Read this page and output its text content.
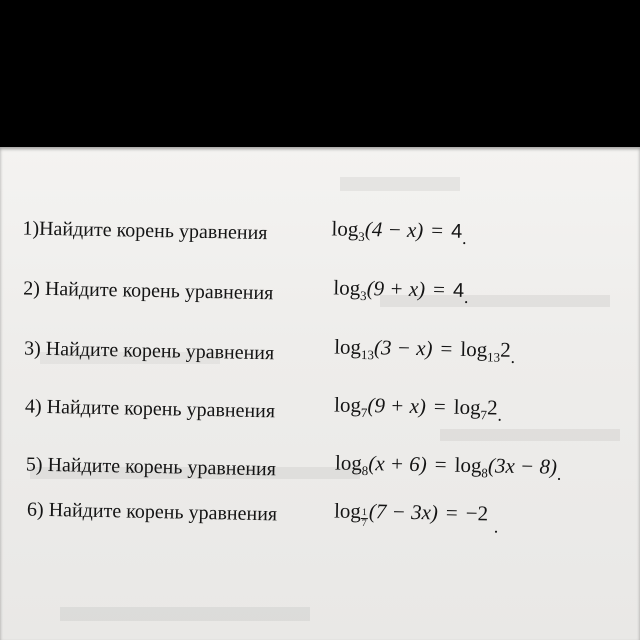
1)Найдите корень уравнения	$\log_3(4 - x) = 4$.
2) Найдите корень уравнения	$\log_3(9 + x) = 4$.
3) Найдите корень уравнения	$\log_{13}(3 - x) = \log_{13}2$.
4) Найдите корень уравнения	$\log_7(9 + x) = \log_72$.
5) Найдите корень уравнения	$\log_8(x + 6) = \log_8(3x - 8)$.
6) Найдите корень уравнения	$\log \frac{1}{7} (7 - 3x) = -2$.
